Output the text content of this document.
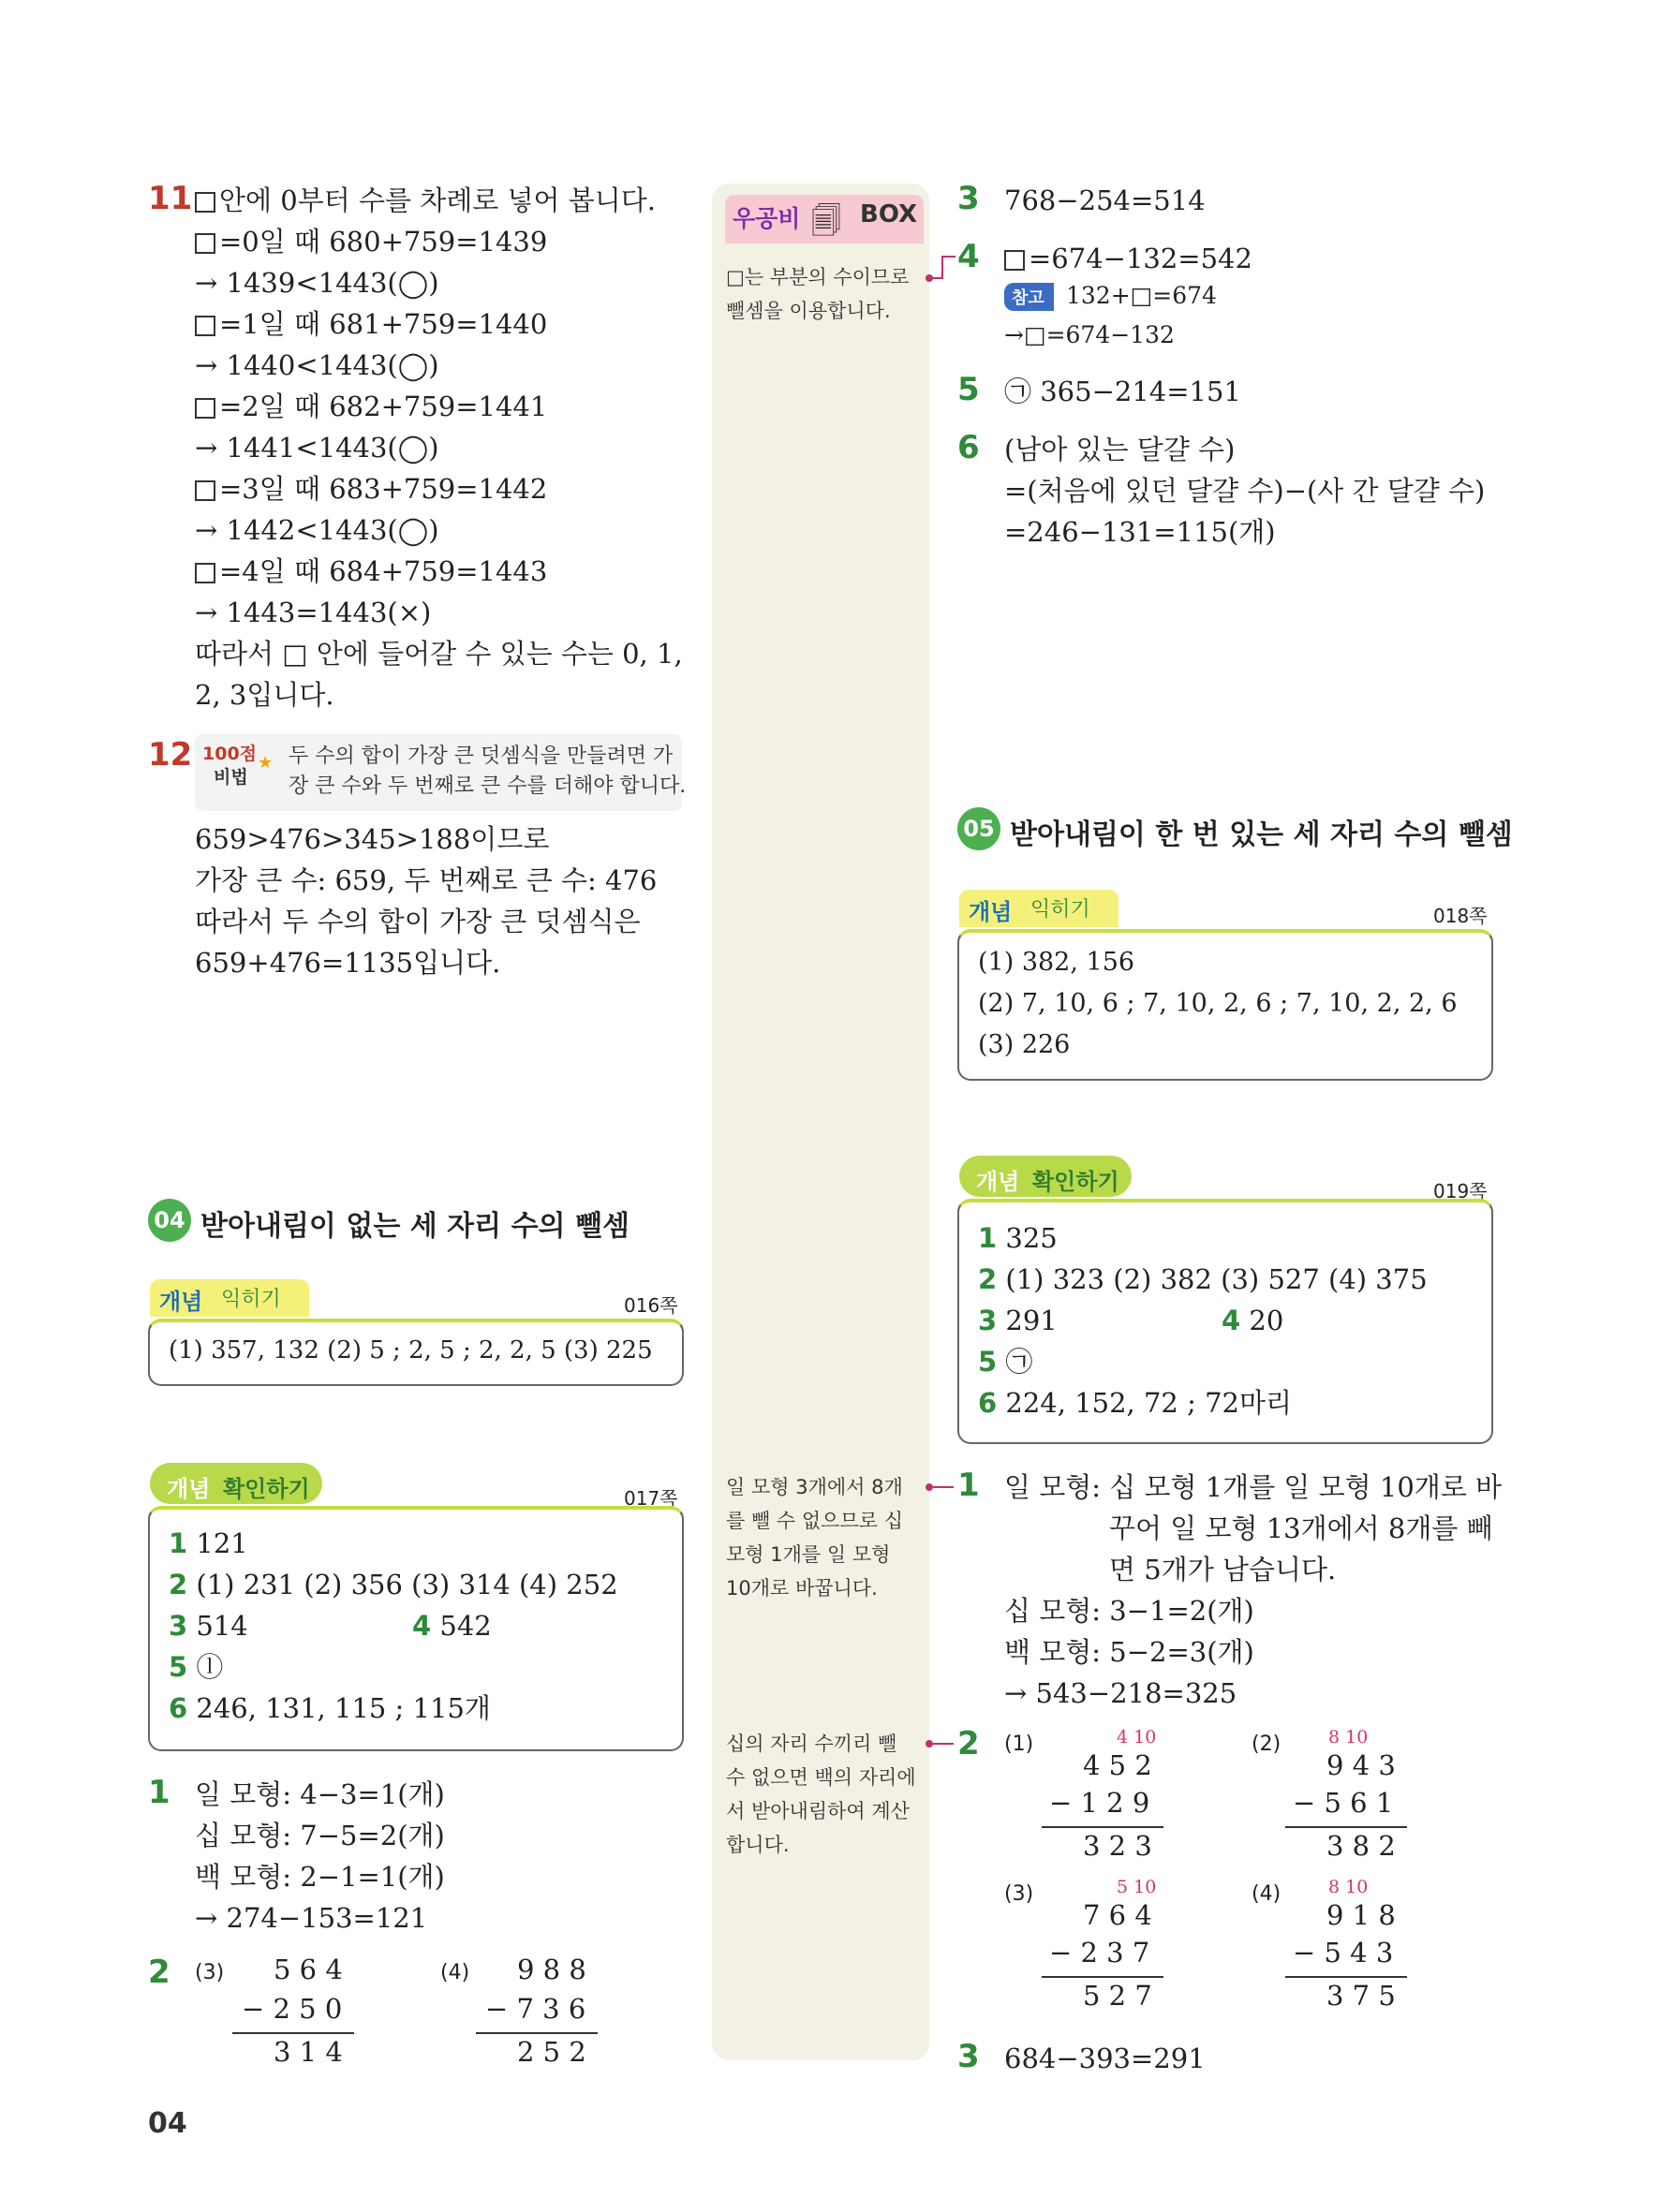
우공비 🗐 BOX
□는 부분의 수이므로
뺄셈을 이용합니다.
일 모형 3개에서 8개
를 뺄 수 없으므로 십
모형 1개를 일 모형
10개로 바꿉니다.
십의 자리 수끼리 뺄
수 없으면 백의 자리에
서 받아내림하여 계산
합니다.
11 안에 0부터 수를 차례로 넣어 봅니다.
=0일 때 680+759=1439
→ 1439<1443(◯)
=1일 때 681+759=1440
→ 1440<1443(◯)
=2일 때 682+759=1441
→ 1441<1443(◯)
=3일 때 683+759=1442
→ 1442<1443(◯)
=4일 때 684+759=1443
→ 1443=1443(×)
따라서 □ 안에 들어갈 수 있는 수는 0, 1,
2, 3입니다.
12 100점 ★
비법
두 수의 합이 가장 큰 덧셈식을 만들려면 가
장 큰 수와 두 번째로 큰 수를 더해야 합니다.
659>476>345>188이므로
가장 큰 수: 659, 두 번째로 큰 수: 476
따라서 두 수의 합이 가장 큰 덧셈식은
659+476=1135입니다.
04 받아내림이 없는 세 자리 수의 뺄셈
개념 익히기	016쪽
(1) 357, 132 (2) 5 ; 2, 5 ; 2, 2, 5 (3) 225
개념 확인하기	017쪽
1 121
2 (1) 231 (2) 356 (3) 314 (4) 252
3 514	4 542
5 ⓛ
6 246, 131, 115 ; 115개
1 일 모형: 4−3=1(개)
십 모형: 7−5=2(개)
백 모형: 2−1=1(개)
→ 274−153=121
2 (3) 5 6 4
− 2 5 0
3 1 4
(4) 9 8 8
− 7 3 6
2 5 2
3 768−254=514
4	=674−132=542
참고 132+□=674
→□=674−132
5 ㉠ 365−214=151
6 (남아 있는 달걀 수)
=(처음에 있던 달걀 수)−(사 간 달걀 수)
=246−131=115(개)
05 받아내림이 한 번 있는 세 자리 수의 뺄셈
개념 익히기	018쪽
(1) 382, 156
(2) 7, 10, 6 ; 7, 10, 2, 6 ; 7, 10, 2, 2, 6
(3) 226
개념 확인하기	019쪽
1 325
2 (1) 323 (2) 382 (3) 527 (4) 375
3 291	4 20
5 ㉠
6 224, 152, 72 ; 72마리
1 일 모형: 십 모형 1개를 일 모형 10개로 바
꾸어 일 모형 13개에서 8개를 빼
면 5개가 남습니다.
십 모형: 3−1=2(개)
백 모형: 5−2=3(개)
→ 543−218=325
2 (1)	4 10
4 5 2
− 1 2 9
3 2 3
(2)	8 10
9 4 3
− 5 6 1
3 8 2
(3)	5 10
7 6 4
− 2 3 7
5 2 7
(4)	8 10
9 1 8
− 5 4 3
3 7 5
3 684−393=291
04
